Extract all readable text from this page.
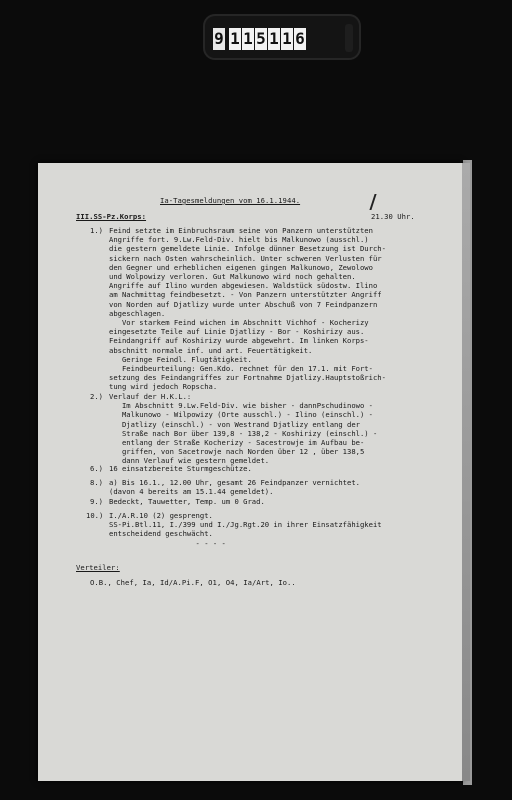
9 1 1 5 1 1 6
Ia-Tagesmeldungen vom 16.1.1944.
III.SS-Pz.Korps:	21.30 Uhr.
1.) Feind setzte im Einbruchsraum seine von Panzern unterstützten
Angriffe fort. 9.Lw.Feld-Div. hielt bis Malkunowo (ausschl.)
die gestern gemeldete Linie. Infolge dünner Besetzung ist Durch-
sickern nach Osten wahrscheinlich. Unter schweren Verlusten für
den Gegner und erheblichen eigenen gingen Malkunowo, Zewolowo
und Wolpowizy verloren. Gut Malkunowo wird noch gehalten.
Angriffe auf Ilino wurden abgewiesen. Waldstück südostw. Ilino
am Nachmittag feindbesetzt. - Von Panzern unterstützter Angriff
von Norden auf Djatlizy wurde unter Abschuß von 7 Feindpanzern
abgeschlagen.
Vor starkem Feind wichen im Abschnitt Vichhof - Kocherizy
eingesetzte Teile auf Linie Djatlizy - Bor - Koshirizy aus.
Feindangriff auf Koshirizy wurde abgewehrt. Im linken Korps-
abschnitt normale inf. und art. Feuertätigkeit.
Geringe Feindl. Flugtätigkeit.
Feindbeurteilung: Gen.Kdo. rechnet für den 17.1. mit Fort-
setzung des Feindangriffes zur Fortnahme Djatlizy.Hauptstoßrich-
tung wird jedoch Ropscha.
2.) Verlauf der H.K.L.:
Im Abschnitt 9.Lw.Feld-Div. wie bisher - dannPschudinowo -
Malkunowo - Wilpowizy (Orte ausschl.) - Ilino (einschl.) -
Djatlizy (einschl.) - von Westrand Djatlizy entlang der
Straße nach Bor über 139,8 - 138,2 - Koshirizy (einschl.) -
entlang der Straße Kocherizy - Sacestrowje im Aufbau be-
griffen, von Sacetrowje nach Norden über 12 , über 138,5
dann Verlauf wie gestern gemeldet.
6.) 16 einsatzbereite Sturmgeschütze.
8.) a) Bis 16.1., 12.00 Uhr, gesamt 26 Feindpanzer vernichtet.
(davon 4 bereits am 15.1.44 gemeldet).
9.) Bedeckt, Tauwetter, Temp. um 0 Grad.
10.) I./A.R.10 (2) gesprengt.
SS-Pi.Btl.11, I./399 und I./Jg.Rgt.20 in ihrer Einsatzfähigkeit
entscheidend geschwächt.
- - - -
Verteiler:
O.B., Chef, Ia, Id/A.Pi.F, O1, O4, Ia/Art, Io..
